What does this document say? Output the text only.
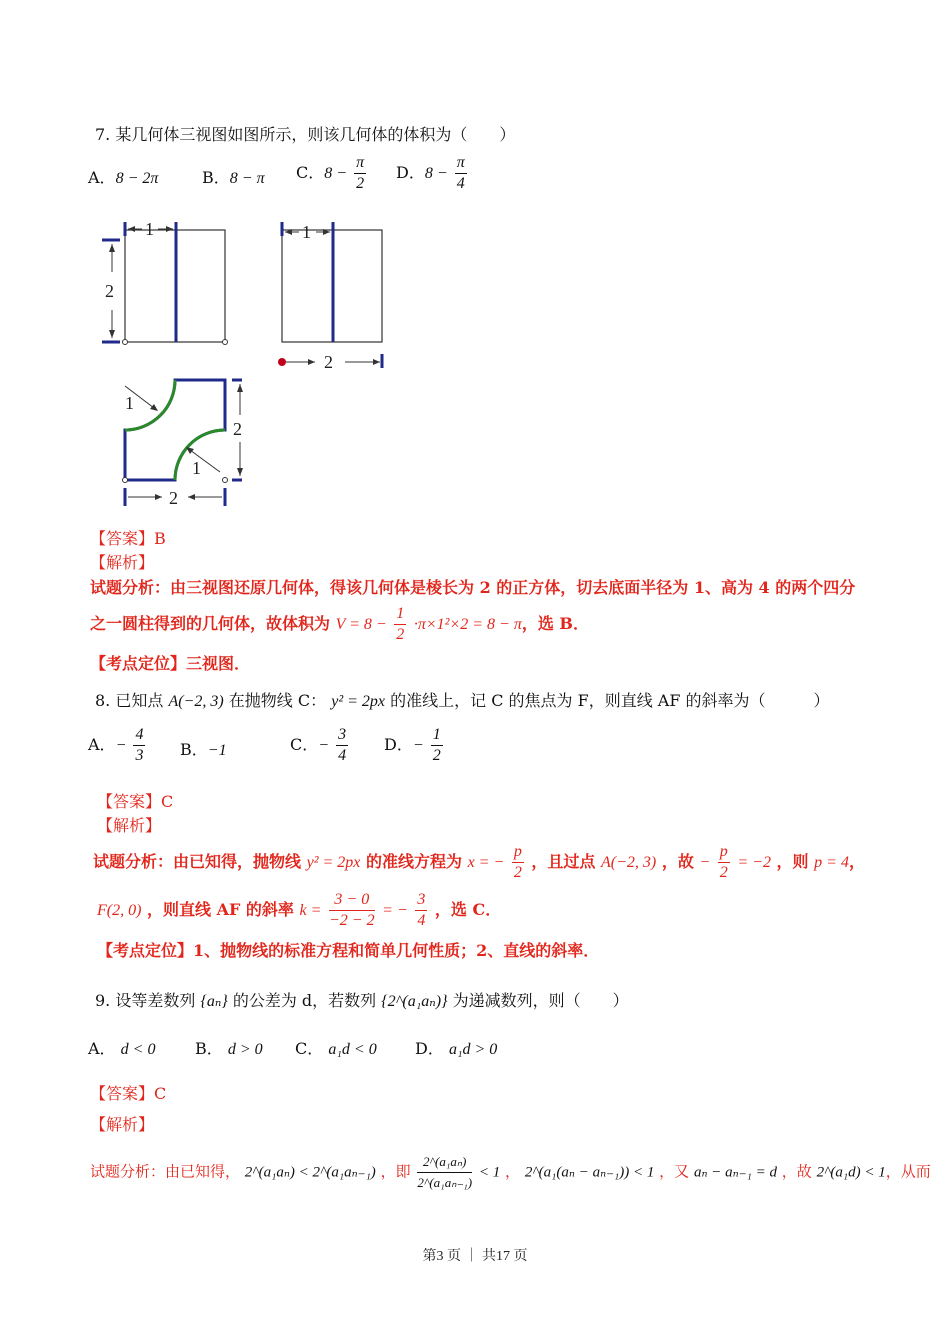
7. 某几何体三视图如图所示，则该几何体的体积为（　　）
A．8 − 2π	B．8 − π C．$8 - \frac{\pi}{2}$ D．$8 - \frac{\pi}{4}$
1
2
1
2
1
1
2
2
【答案】B
【解析】
试题分析：由三视图还原几何体，得该几何体是棱长为 2 的正方体，切去底面半径为 1、高为 4 的两个四分
之一圆柱得到的几何体，故体积为 $V = 8 - \frac{1}{2} \cdot\pi\times 1^2\times 2 = 8 - \pi$，选 B．
【考点定位】三视图．
8. 已知点 A(−2, 3) 在抛物线 C： y² = 2px 的准线上，记 C 的焦点为 F，则直线 AF 的斜率为（　　　）
A．− $\frac{4}{3}$ B．−1	C．− $\frac{3}{4}$ D．− $\frac{1}{2}$
【答案】C
【解析】
试题分析：由已知得，抛物线 y² = 2px 的准线方程为 x = − $\frac{p}{2}$ ，且过点 A(−2, 3) ，故 − $\frac{p}{2} = -2$ ，则 p = 4，
F(2, 0) ，则直线 AF 的斜率 $k = \frac{3 - 0}{-2 - 2}$ = − $\frac{3}{4}$ ，选 C．
【考点定位】1、抛物线的标准方程和简单几何性质；2、直线的斜率．
9. 设等差数列 {aₙ} 的公差为 d，若数列 {2^(a₁aₙ)} 为递减数列，则（　　）
A． d < 0 B． d > 0 C． a₁d < 0 D． a₁d > 0
【答案】C
【解析】
试题分析：由已知得， 2^(a₁aₙ) < 2^(a₁aₙ₋₁) ，即 $\frac{\text{2\textasciicircum{}(a₁aₙ)}}{\text{2\textasciicircum{}(a₁aₙ₋₁)}} < 1$ ， 2^(a₁(aₙ − aₙ₋₁)) < 1 ，又 aₙ − aₙ₋₁ = d ，故 2^(a₁d) < 1，从而
第3 页 ｜ 共17 页
